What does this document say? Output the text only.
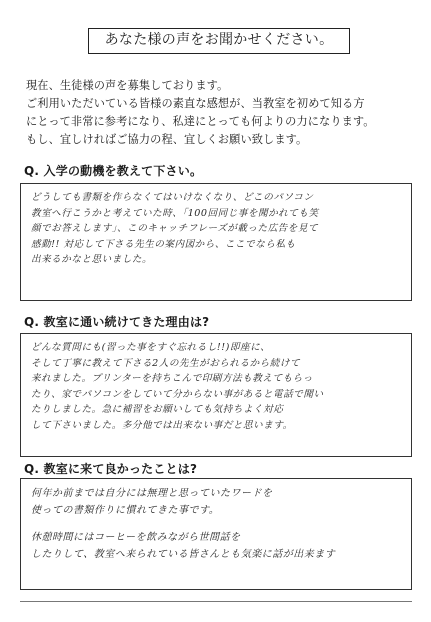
あなた様の声をお聞かせください。
現在、生徒様の声を募集しております。
ご利用いただいている皆様の素直な感想が、当教室を初めて知る方
にとって非常に参考になり、私達にとっても何よりの力になります。
もし、宜しければご協力の程、宜しくお願い致します。
Q. 入学の動機を教えて下さい。
どうしても書類を作らなくてはいけなくなり、どこのパソコン
教室へ行こうかと考えていた時、「100回同じ事を聞かれても笑
顔でお答えします」、このキャッチフレーズが載った広告を見て
感動!! 対応して下さる先生の案内図から、ここでなら私も
出来るかなと思いました。
Q. 教室に通い続けてきた理由は?
どんな質問にも(習った事をすぐ忘れるし!!)即座に、
そして丁寧に教えて下さる2人の先生がおられるから続けて
来れました。プリンターを持ちこんで印刷方法も教えてもらっ
たり、家でパソコンをしていて分からない事があると電話で聞い
たりしました。急に補習をお願いしても気持ちよく対応
して下さいました。多分他では出来ない事だと思います。
Q. 教室に来て良かったことは?
何年か前までは自分には無理と思っていたワードを
使っての書類作りに慣れてきた事です。
休憩時間にはコーヒーを飲みながら世間話を
したりして、教室へ来られている皆さんとも気楽に話が出来ます
